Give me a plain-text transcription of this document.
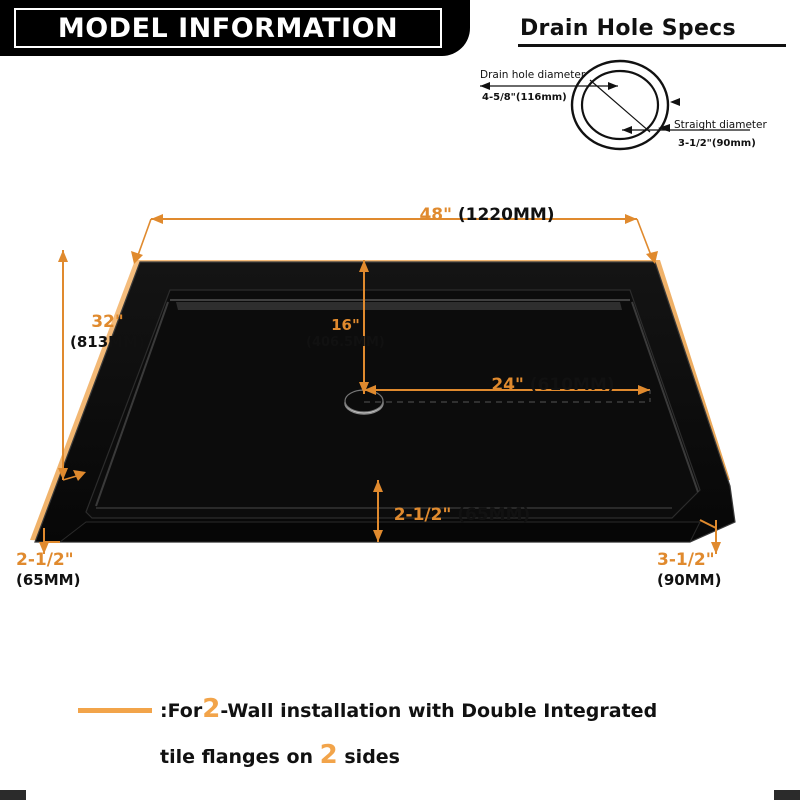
MODEL INFORMATION	Drain Hole Specs
Drain hole diameter
4-5/8"(116mm)
Straight diameter
3-1/2"(90mm)
48" (1220MM)
32"
(813MM)
16"
(406.5MM)
24" (610MM)
2-1/2" (65MM)
2-1/2"
(65MM)
3-1/2"
(90MM)
:For2-Wall installation with Double Integrated
tile flanges on 2 sides
